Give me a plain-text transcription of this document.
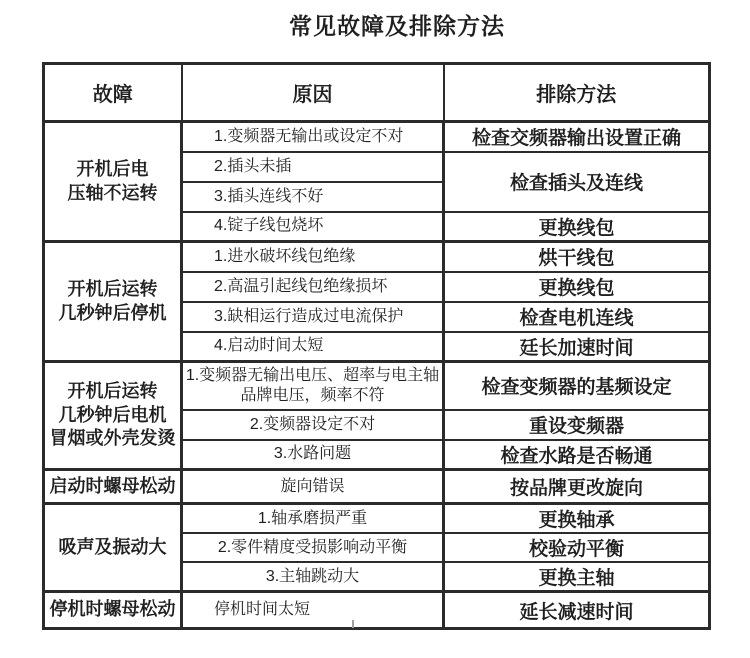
常见故障及排除方法
故障	原因	排除方法
开机后电
压轴不运转	1.变频器无输出或设定不对	检查交频器输出设置正确
	2.插头未插	检查插头及连线
	3.插头连线不好	
	4.锭子线包烧坏	更换线包
开机后运转
几秒钟后停机	1.进水破坏线包绝缘	烘干线包
	2.高温引起线包绝缘损坏	更换线包
	3.缺相运行造成过电流保护	检查电机连线
	4.启动时间太短	廷长加速时间
开机后运转
几秒钟后电机
冒烟或外壳发烫	1.变频器无输出电压、超率与电主轴
品牌电压，频率不符	检查变频器的基频设定
	2.变频器设定不对	重设变频器
	3.水路问题	检查水路是否畅通
启动时螺母松动	旋向错误	按品牌更改旋向
吸声及振动大	1.轴承磨损严重	更换轴承
	2.零件精度受损影响动平衡	校验动平衡
	3.主轴跳动大	更换主轴
停机时螺母松动	停机时间太短	延长减速时间
